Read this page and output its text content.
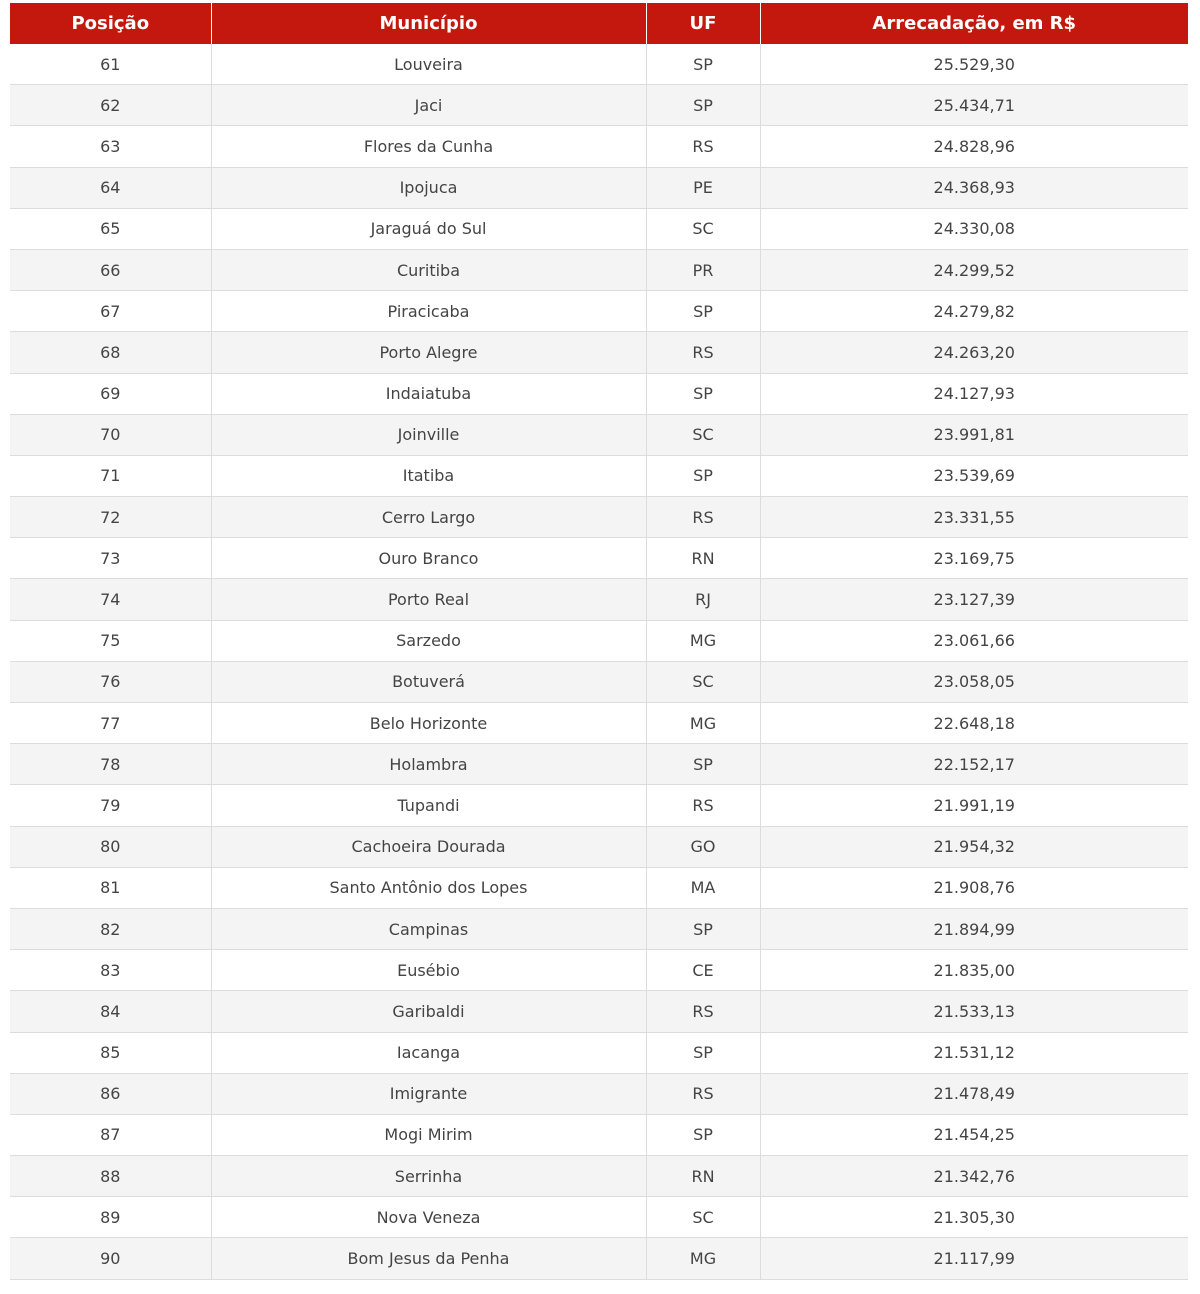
Posição	Município	UF	Arrecadação, em R$
61	Louveira	SP	25.529,30
62	Jaci	SP	25.434,71
63	Flores da Cunha	RS	24.828,96
64	Ipojuca	PE	24.368,93
65	Jaraguá do Sul	SC	24.330,08
66	Curitiba	PR	24.299,52
67	Piracicaba	SP	24.279,82
68	Porto Alegre	RS	24.263,20
69	Indaiatuba	SP	24.127,93
70	Joinville	SC	23.991,81
71	Itatiba	SP	23.539,69
72	Cerro Largo	RS	23.331,55
73	Ouro Branco	RN	23.169,75
74	Porto Real	RJ	23.127,39
75	Sarzedo	MG	23.061,66
76	Botuverá	SC	23.058,05
77	Belo Horizonte	MG	22.648,18
78	Holambra	SP	22.152,17
79	Tupandi	RS	21.991,19
80	Cachoeira Dourada	GO	21.954,32
81	Santo Antônio dos Lopes	MA	21.908,76
82	Campinas	SP	21.894,99
83	Eusébio	CE	21.835,00
84	Garibaldi	RS	21.533,13
85	Iacanga	SP	21.531,12
86	Imigrante	RS	21.478,49
87	Mogi Mirim	SP	21.454,25
88	Serrinha	RN	21.342,76
89	Nova Veneza	SC	21.305,30
90	Bom Jesus da Penha	MG	21.117,99
